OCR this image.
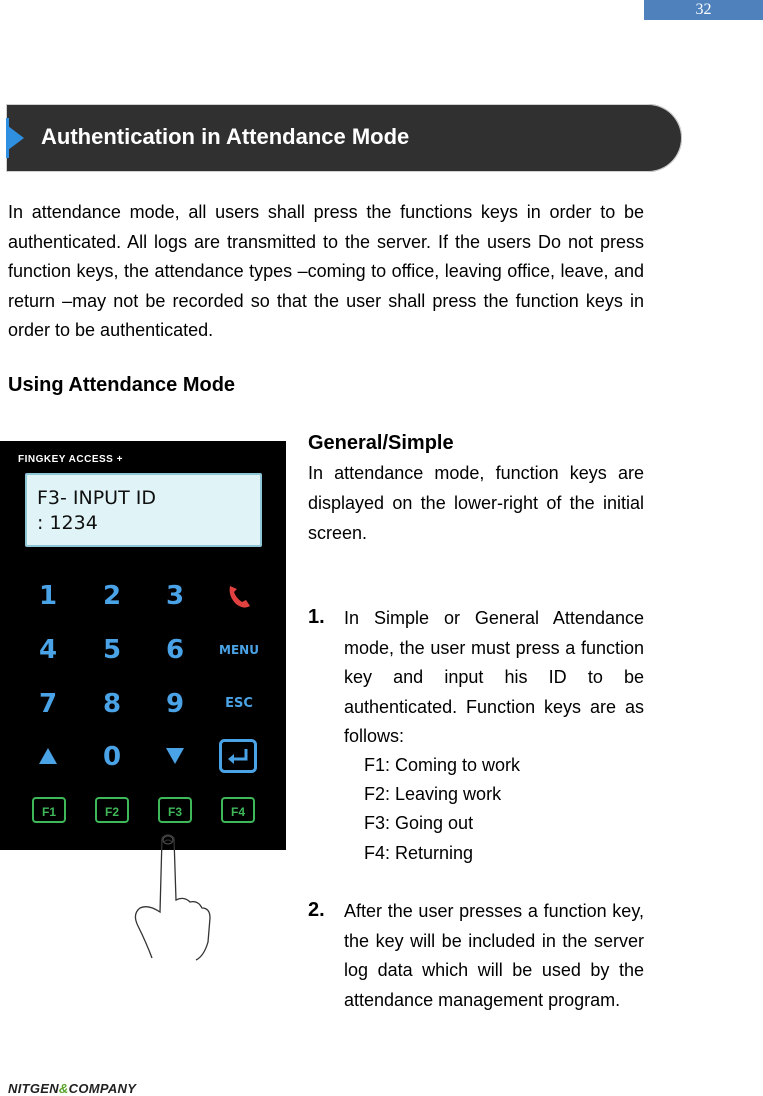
32
Authentication in Attendance Mode

In attendance mode, all users shall press the functions keys in order to be authenticated. All logs are transmitted to the server. If the users Do not press function keys, the attendance types –coming to office, leaving office, leave, and return –may not be recorded so that the user shall press the function keys in order to be authenticated.

Using Attendance Mode
FINGKEY ACCESS +
F3- INPUT ID
: 1234
1	2	3
4	5	6	MENU
7	8	9	ESC
0
F1	F2	F3	F4
General/Simple

In attendance mode, function keys are displayed on the lower-right of the initial screen.

1. In Simple or General Attendance mode, the user must press a function key and input his ID to be authenticated. Function keys are as follows:

F1: Coming to work
F2: Leaving work
F3: Going out
F4: Returning
2. After the user presses a function key, the key will be included in the server log data which will be used by the attendance management program.

NITGEN&COMPANY
